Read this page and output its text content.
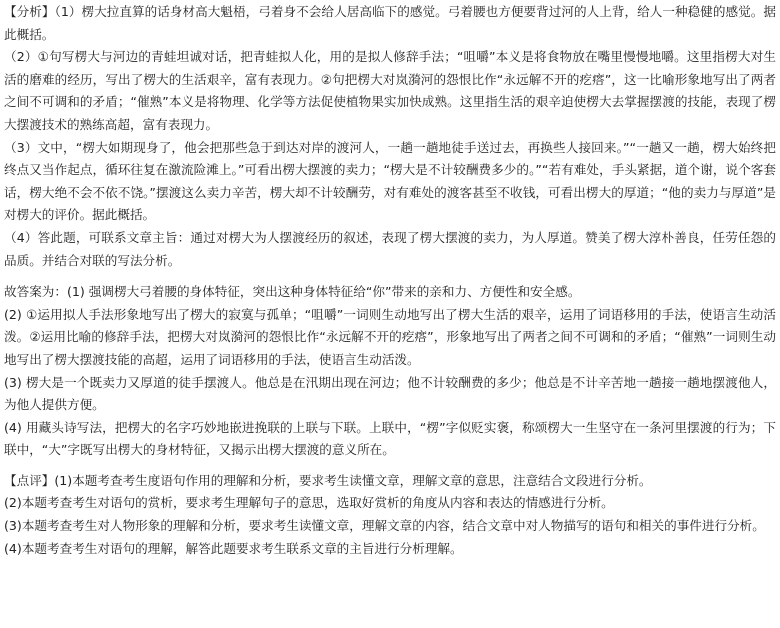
【分析】（1）楞大拉直算的话身材高大魁梧，弓着身不会给人居高临下的感觉。弓着腰也方便要背过河的人上背，给人一种稳健的感觉。据此概括。

（2）①句写楞大与河边的青蛙坦诚对话，把青蛙拟人化，用的是拟人修辞手法；“咀嚼”本义是将食物放在嘴里慢慢地嚼。这里指楞大对生活的磨难的经历，写出了楞大的生活艰辛，富有表现力。②句把楞大对岚漪河的怨恨比作“永远解不开的疙瘩”，这一比喻形象地写出了两者之间不可调和的矛盾；“催熟”本义是将物理、化学等方法促使植物果实加快成熟。这里指生活的艰辛迫使楞大去掌握摆渡的技能，表现了楞大摆渡技术的熟练高超，富有表现力。

（3）文中，“楞大如期现身了，他会把那些急于到达对岸的渡河人，一趟一趟地徒手送过去，再换些人接回来。”“一趟又一趟，楞大始终把终点又当作起点，循环往复在激流险滩上。”可看出楞大摆渡的卖力；“楞大是不计较酬费多少的。”“若有难处，手头紧据，道个谢，说个客套话，楞大绝不会不依不饶。”摆渡这么卖力辛苦，楞大却不计较酬劳，对有难处的渡客甚至不收钱，可看出楞大的厚道；“他的卖力与厚道”是对楞大的评价。据此概括。

（4）答此题，可联系文章主旨：通过对楞大为人摆渡经历的叙述，表现了楞大摆渡的卖力，为人厚道。赞美了楞大淳朴善良，任劳任怨的品质。并结合对联的写法分析。

故答案为：(1) 强调楞大弓着腰的身体特征，突出这种身体特征给“你”带来的亲和力、方便性和安全感。

(2) ①运用拟人手法形象地写出了楞大的寂寞与孤单；“咀嚼”一词则生动地写出了楞大生活的艰辛，运用了词语移用的手法，使语言生动活泼。②运用比喻的修辞手法，把楞大对岚漪河的怨恨比作“永远解不开的疙瘩”，形象地写出了两者之间不可调和的矛盾；“催熟”一词则生动地写出了楞大摆渡技能的高超，运用了词语移用的手法，使语言生动活泼。

(3) 楞大是一个既卖力又厚道的徒手摆渡人。他总是在汛期出现在河边；他不计较酬费的多少；他总是不计辛苦地一趟接一趟地摆渡他人，为他人提供方便。

(4) 用藏头诗写法，把楞大的名字巧妙地嵌进挽联的上联与下联。上联中，“楞”字似贬实褒，称颂楞大一生坚守在一条河里摆渡的行为；下联中，“大”字既写出楞大的身材特征，又揭示出楞大摆渡的意义所在。

【点评】(1)本题考查考生度语句作用的理解和分析，要求考生读懂文章，理解文章的意思，注意结合文段进行分析。

(2)本题考查考生对语句的赏析，要求考生理解句子的意思，选取好赏析的角度从内容和表达的情感进行分析。

(3)本题考查考生对人物形象的理解和分析，要求考生读懂文章，理解文章的内容，结合文章中对人物描写的语句和相关的事件进行分析。

(4)本题考查考生对语句的理解，解答此题要求考生联系文章的主旨进行分析理解。
